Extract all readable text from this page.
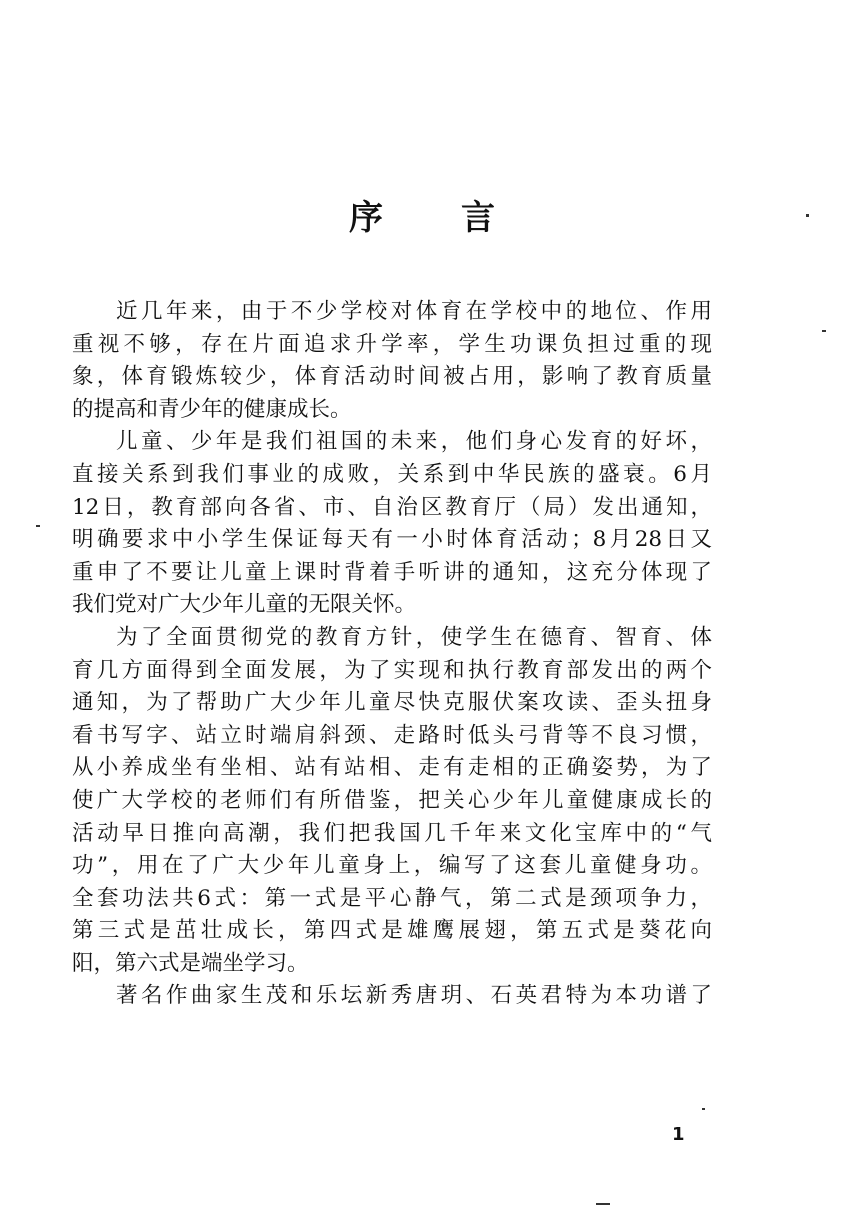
序言

近几年来，由于不少学校对体育在学校中的地位、作用
重视不够，存在片面追求升学率，学生功课负担过重的现
象，体育锻炼较少，体育活动时间被占用，影响了教育质量
的提高和青少年的健康成长。

儿童、少年是我们祖国的未来，他们身心发育的好坏，
直接关系到我们事业的成败，关系到中华民族的盛衰。6月
12日，教育部向各省、市、自治区教育厅（局）发出通知，
明确要求中小学生保证每天有一小时体育活动；8月28日又
重申了不要让儿童上课时背着手听讲的通知，这充分体现了
我们党对广大少年儿童的无限关怀。

为了全面贯彻党的教育方针，使学生在德育、智育、体
育几方面得到全面发展，为了实现和执行教育部发出的两个
通知，为了帮助广大少年儿童尽快克服伏案攻读、歪头扭身
看书写字、站立时端肩斜颈、走路时低头弓背等不良习惯，
从小养成坐有坐相、站有站相、走有走相的正确姿势，为了
使广大学校的老师们有所借鉴，把关心少年儿童健康成长的
活动早日推向高潮，我们把我国几千年来文化宝库中的“气
功”，用在了广大少年儿童身上，编写了这套儿童健身功。
全套功法共6式：第一式是平心静气，第二式是颈项争力，
第三式是茁壮成长，第四式是雄鹰展翅，第五式是葵花向
阳，第六式是端坐学习。

著名作曲家生茂和乐坛新秀唐玥、石英君特为本功谱了

1
